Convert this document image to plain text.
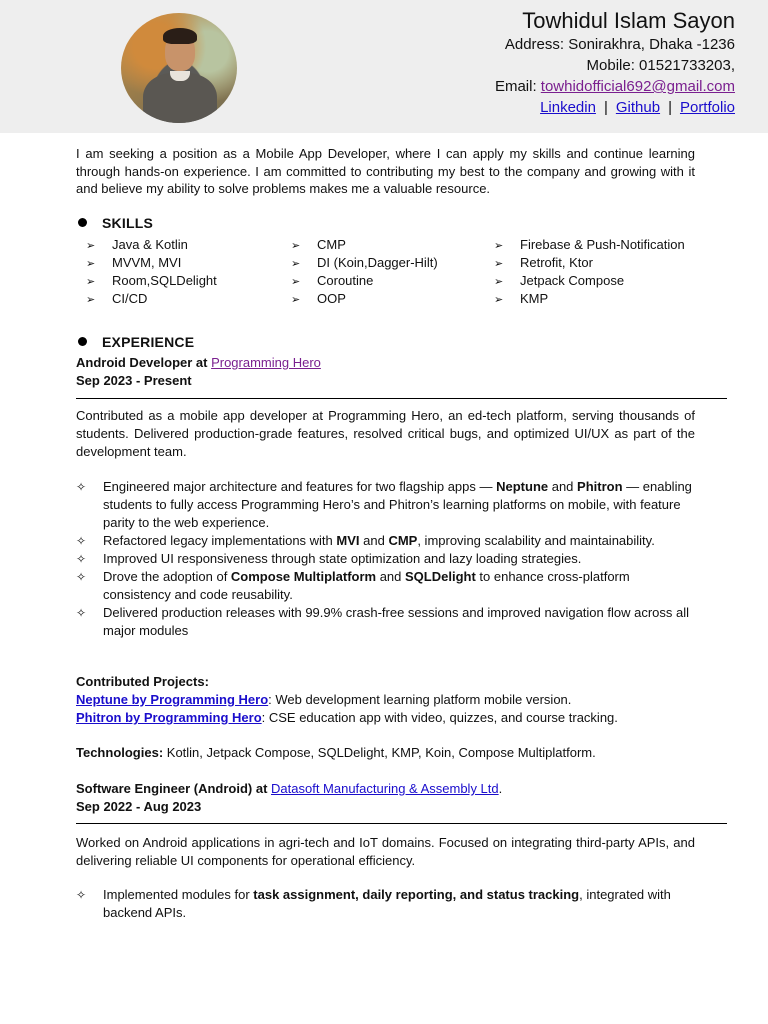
Towhidul Islam Sayon
Address: Sonirakhra, Dhaka -1236
Mobile: 01521733203,
Email: towhidofficial692@gmail.com
Linkedin | Github | Portfolio
I am seeking a position as a Mobile App Developer, where I can apply my skills and continue learning through hands-on experience. I am committed to contributing my best to the company and growing with it and believe my ability to solve problems makes me a valuable resource.
SKILLS
➢ Java & Kotlin
➢ MVVM, MVI
➢ Room,SQLDelight
➢ CI/CD
➢ CMP
➢ DI (Koin,Dagger-Hilt)
➢ Coroutine
➢ OOP
➢ Firebase & Push-Notification
➢ Retrofit, Ktor
➢ Jetpack Compose
➢ KMP
EXPERIENCE
Android Developer at Programming Hero
Sep 2023 - Present
Contributed as a mobile app developer at Programming Hero, an ed-tech platform, serving thousands of students. Delivered production-grade features, resolved critical bugs, and optimized UI/UX as part of the development team.
✧ Engineered major architecture and features for two flagship apps — Neptune and Phitron — enabling students to fully access Programming Hero’s and Phitron’s learning platforms on mobile, with feature parity to the web experience.
✧ Refactored legacy implementations with MVI and CMP, improving scalability and maintainability.
✧ Improved UI responsiveness through state optimization and lazy loading strategies.
✧ Drove the adoption of Compose Multiplatform and SQLDelight to enhance cross-platform consistency and code reusability.
✧ Delivered production releases with 99.9% crash-free sessions and improved navigation flow across all major modules
Contributed Projects:
Neptune by Programming Hero: Web development learning platform mobile version.
Phitron by Programming Hero: CSE education app with video, quizzes, and course tracking.
Technologies: Kotlin, Jetpack Compose, SQLDelight, KMP, Koin, Compose Multiplatform.
Software Engineer (Android) at Datasoft Manufacturing & Assembly Ltd.
Sep 2022 - Aug 2023
Worked on Android applications in agri-tech and IoT domains. Focused on integrating third-party APIs, and delivering reliable UI components for operational efficiency.
✧ Implemented modules for task assignment, daily reporting, and status tracking, integrated with backend APIs.
